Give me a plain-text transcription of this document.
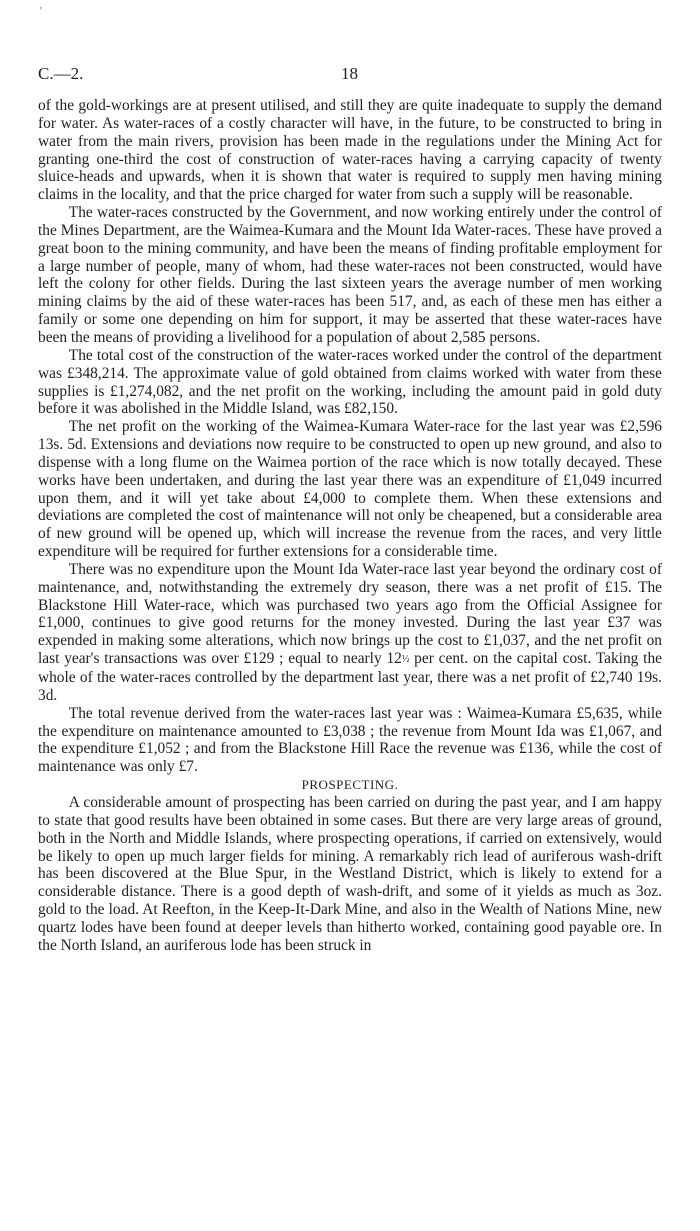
'
C.—2.	18

of the gold-workings are at present utilised, and still they are quite inadequate to supply the demand for water. As water-races of a costly character will have, in the future, to be constructed to bring in water from the main rivers, provision has been made in the regulations under the Mining Act for granting one-third the cost of construction of water-races having a carrying capacity of twenty sluice-heads and upwards, when it is shown that water is required to supply men having mining claims in the locality, and that the price charged for water from such a supply will be reasonable.

The water-races constructed by the Government, and now working entirely under the control of the Mines Department, are the Waimea-Kumara and the Mount Ida Water-races. These have proved a great boon to the mining community, and have been the means of finding profitable employment for a large number of people, many of whom, had these water-races not been constructed, would have left the colony for other fields. During the last sixteen years the average number of men working mining claims by the aid of these water-races has been 517, and, as each of these men has either a family or some one depending on him for support, it may be asserted that these water-races have been the means of providing a livelihood for a population of about 2,585 persons.

The total cost of the construction of the water-races worked under the control of the department was £348,214. The approximate value of gold obtained from claims worked with water from these supplies is £1,274,082, and the net profit on the working, including the amount paid in gold duty before it was abolished in the Middle Island, was £82,150.

The net profit on the working of the Waimea-Kumara Water-race for the last year was £2,596 13s. 5d. Extensions and deviations now require to be constructed to open up new ground, and also to dispense with a long flume on the Waimea portion of the race which is now totally decayed. These works have been undertaken, and during the last year there was an expenditure of £1,049 incurred upon them, and it will yet take about £4,000 to complete them. When these extensions and deviations are completed the cost of maintenance will not only be cheapened, but a considerable area of new ground will be opened up, which will increase the revenue from the races, and very little expenditure will be required for further extensions for a considerable time.

There was no expenditure upon the Mount Ida Water-race last year beyond the ordinary cost of maintenance, and, notwithstanding the extremely dry season, there was a net profit of £15. The Blackstone Hill Water-race, which was purchased two years ago from the Official Assignee for £1,000, continues to give good returns for the money invested. During the last year £37 was expended in making some alterations, which now brings up the cost to £1,037, and the net profit on last year's transactions was over £129 ; equal to nearly 12½ per cent. on the capital cost. Taking the whole of the water-races controlled by the department last year, there was a net profit of £2,740 19s. 3d.

The total revenue derived from the water-races last year was : Waimea-Kumara £5,635, while the expenditure on maintenance amounted to £3,038 ; the revenue from Mount Ida was £1,067, and the expenditure £1,052 ; and from the Blackstone Hill Race the revenue was £136, while the cost of maintenance was only £7.

PROSPECTING.

A considerable amount of prospecting has been carried on during the past year, and I am happy to state that good results have been obtained in some cases. But there are very large areas of ground, both in the North and Middle Islands, where prospecting operations, if carried on extensively, would be likely to open up much larger fields for mining. A remarkably rich lead of auriferous wash-drift has been discovered at the Blue Spur, in the Westland District, which is likely to extend for a considerable distance. There is a good depth of wash-drift, and some of it yields as much as 3oz. gold to the load. At Reefton, in the Keep-It-Dark Mine, and also in the Wealth of Nations Mine, new quartz lodes have been found at deeper levels than hitherto worked, containing good payable ore. In the North Island, an auriferous lode has been struck in
